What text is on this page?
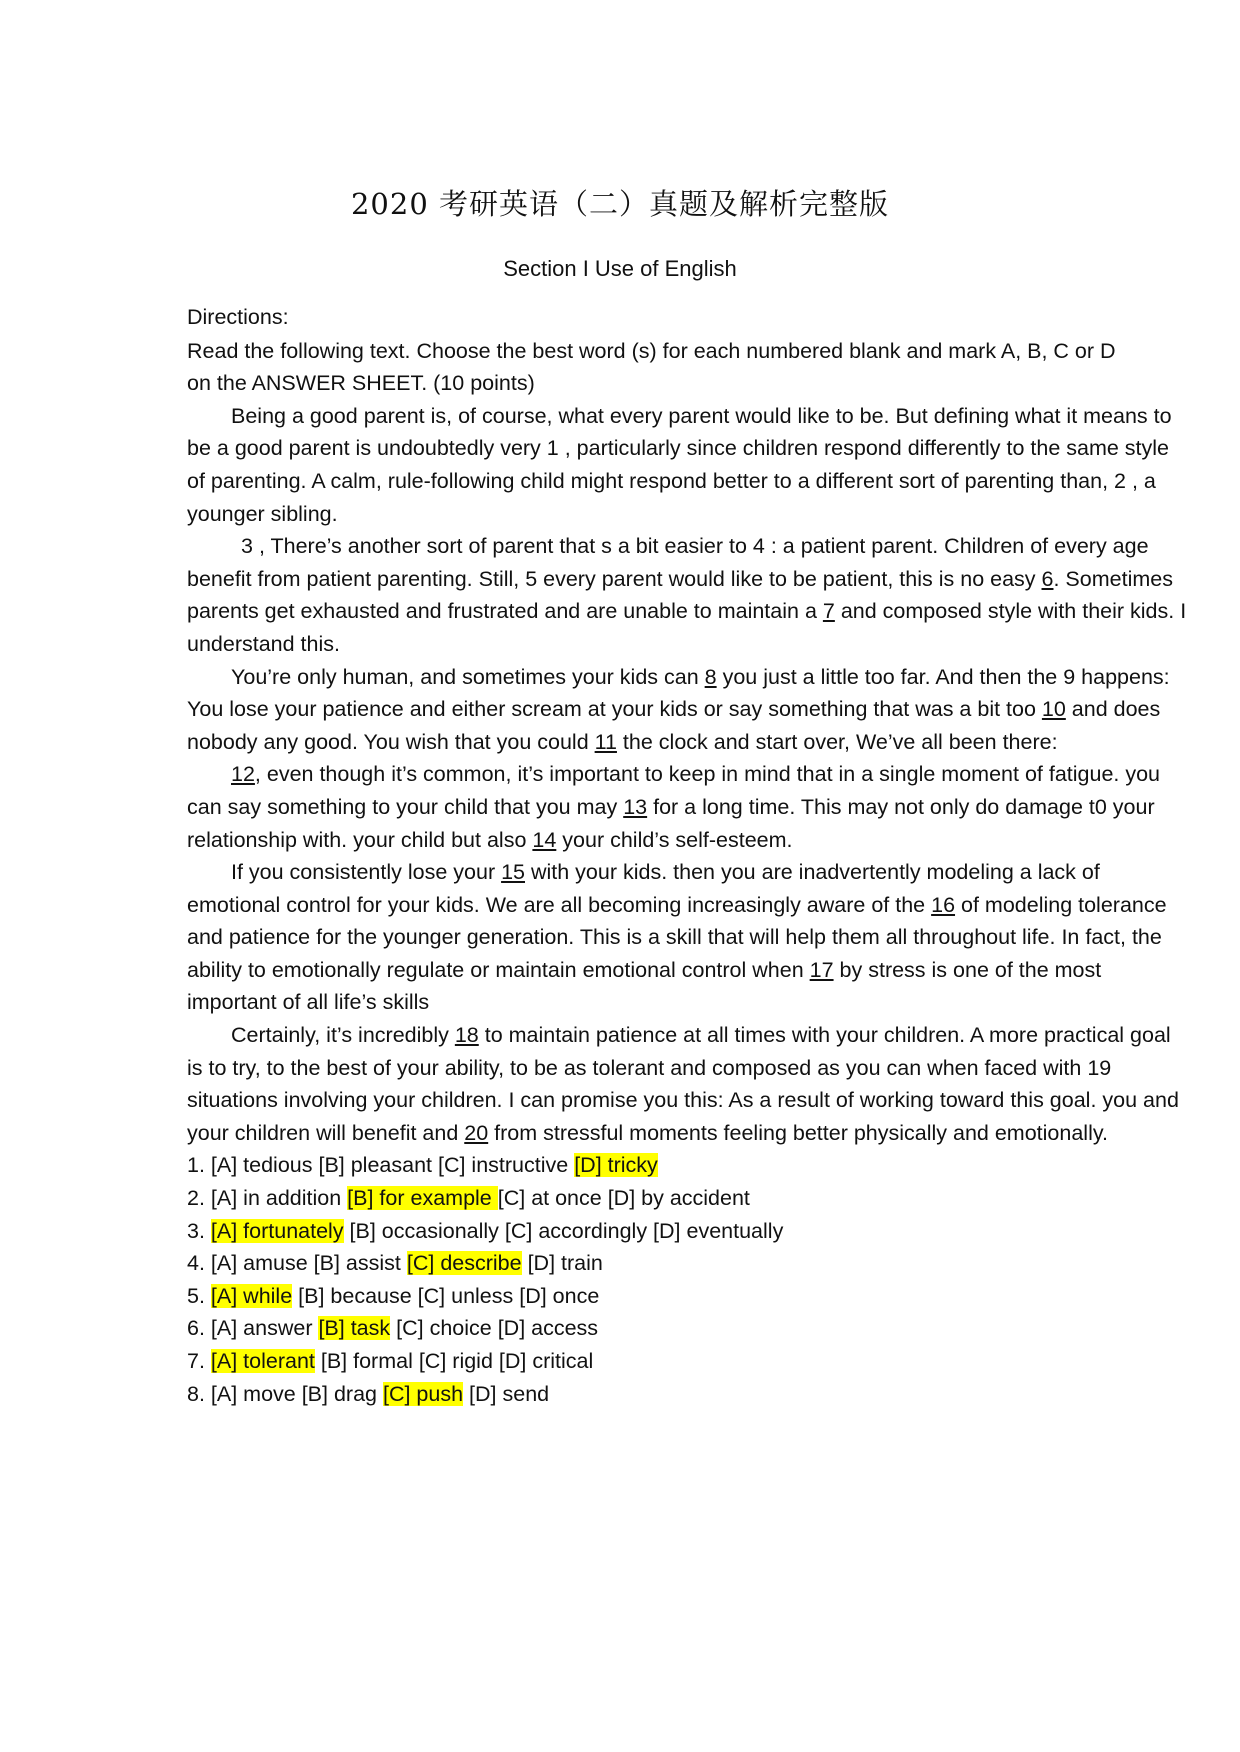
2020 考研英语（二）真题及解析完整版
Section I Use of English

Directions:

Read the following text. Choose the best word (s) for each numbered blank and mark A, B, C or D
on the ANSWER SHEET. (10 points)

Being a good parent is, of course, what every parent would like to be. But defining what it means to be a good parent is undoubtedly very 1 , particularly since children respond differently to the same style of parenting. A calm, rule-following child might respond better to a different sort of parenting than, 2 , a younger sibling.

3 , There’s another sort of parent that s a bit easier to 4 : a patient parent. Children of every age benefit from patient parenting. Still, 5 every parent would like to be patient, this is no easy 6. Sometimes parents get exhausted and frustrated and are unable to maintain a 7 and composed style with their kids. I understand this.

You’re only human, and sometimes your kids can 8 you just a little too far. And then the 9 happens: You lose your patience and either scream at your kids or say something that was a bit too 10 and does nobody any good. You wish that you could 11 the clock and start over, We’ve all been there:

12, even though it’s common, it’s important to keep in mind that in a single moment of fatigue. you can say something to your child that you may 13 for a long time. This may not only do damage t0 your relationship with. your child but also 14 your child’s self-esteem.

If you consistently lose your 15 with your kids. then you are inadvertently modeling a lack of emotional control for your kids. We are all becoming increasingly aware of the 16 of modeling tolerance and patience for the younger generation. This is a skill that will help them all throughout life. In fact, the ability to emotionally regulate or maintain emotional control when 17 by stress is one of the most important of all life’s skills

Certainly, it’s incredibly 18 to maintain patience at all times with your children. A more practical goal is to try, to the best of your ability, to be as tolerant and composed as you can when faced with 19 situations involving your children. I can promise you this: As a result of working toward this goal. you and your children will benefit and 20 from stressful moments feeling better physically and emotionally.

1. [A] tedious [B] pleasant [C] instructive [D] tricky
2. [A] in addition [B] for example [C] at once [D] by accident
3. [A] fortunately [B] occasionally [C] accordingly [D] eventually
4. [A] amuse [B] assist [C] describe [D] train
5. [A] while [B] because [C] unless [D] once
6. [A] answer [B] task [C] choice [D] access
7. [A] tolerant [B] formal [C] rigid [D] critical
8. [A] move [B] drag [C] push [D] send
